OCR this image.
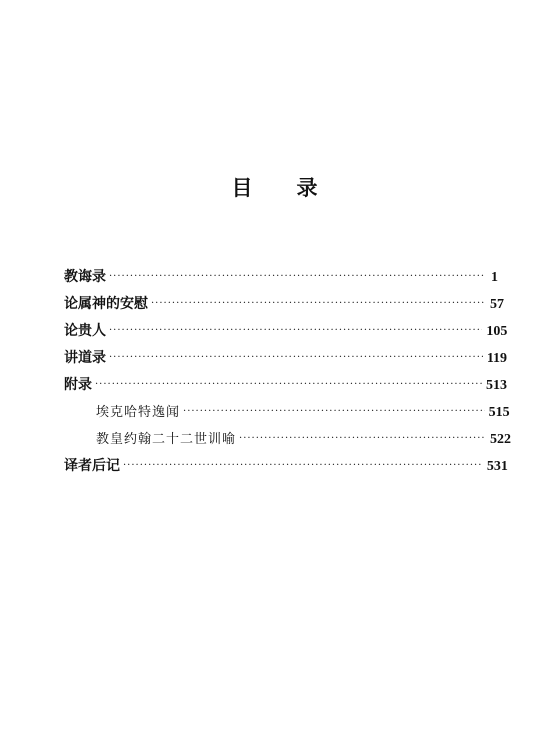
目 录
教诲录 ·····	1
论属神的安慰 ·····	57
论贵人 ·····	105
讲道录 ·····	119
附录 ·····	513
埃克哈特逸闻 ·····	515
教皇约翰二十二世训喻 ·····	522
译者后记 ·····	531
